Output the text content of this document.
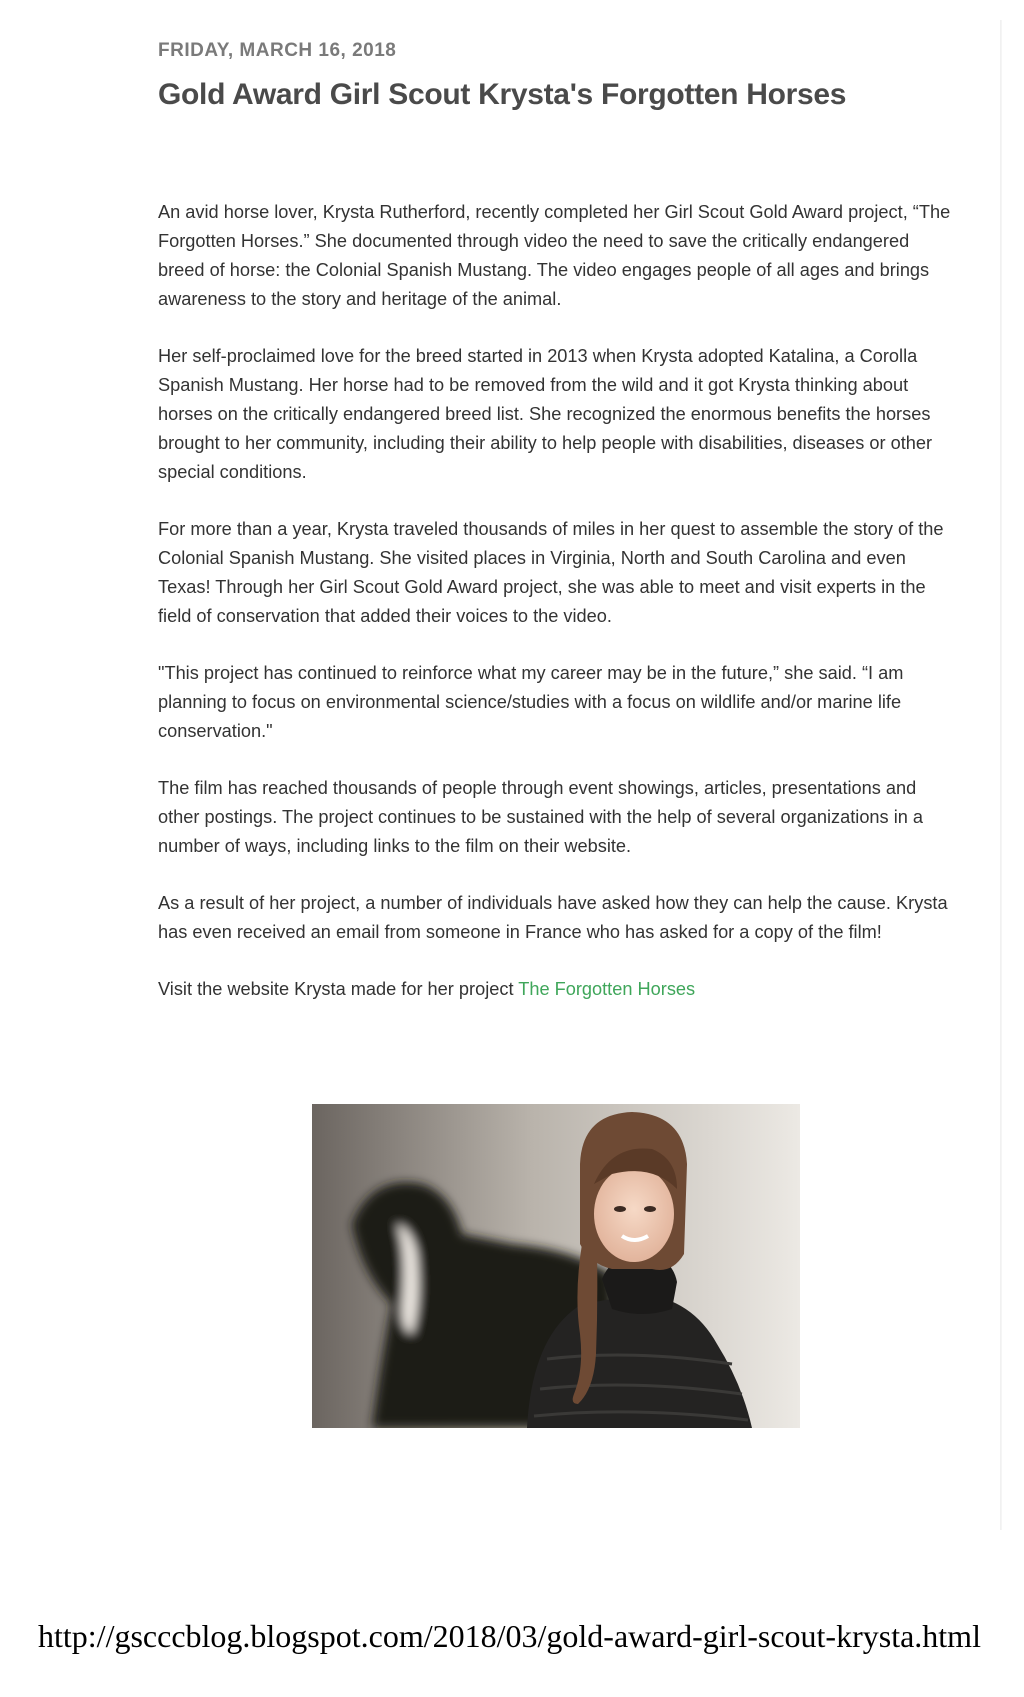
FRIDAY, MARCH 16, 2018
Gold Award Girl Scout Krysta's Forgotten Horses

An avid horse lover, Krysta Rutherford, recently completed her Girl Scout Gold Award project, “The Forgotten Horses.” She documented through video the need to save the critically endangered breed of horse: the Colonial Spanish Mustang. The video engages people of all ages and brings awareness to the story and heritage of the animal.

Her self-proclaimed love for the breed started in 2013 when Krysta adopted Katalina, a Corolla Spanish Mustang. Her horse had to be removed from the wild and it got Krysta thinking about horses on the critically endangered breed list. She recognized the enormous benefits the horses brought to her community, including their ability to help people with disabilities, diseases or other special conditions.

For more than a year, Krysta traveled thousands of miles in her quest to assemble the story of the Colonial Spanish Mustang. She visited places in Virginia, North and South Carolina and even Texas! Through her Girl Scout Gold Award project, she was able to meet and visit experts in the field of conservation that added their voices to the video.

"This project has continued to reinforce what my career may be in the future,” she said. “I am planning to focus on environmental science/studies with a focus on wildlife and/or marine life conservation."

The film has reached thousands of people through event showings, articles, presentations and other postings. The project continues to be sustained with the help of several organizations in a number of ways, including links to the film on their website.

As a result of her project, a number of individuals have asked how they can help the cause. Krysta has even received an email from someone in France who has asked for a copy of the film!

Visit the website Krysta made for her project The Forgotten Horses

http://gscccblog.blogspot.com/2018/03/gold-award-girl-scout-krysta.html
